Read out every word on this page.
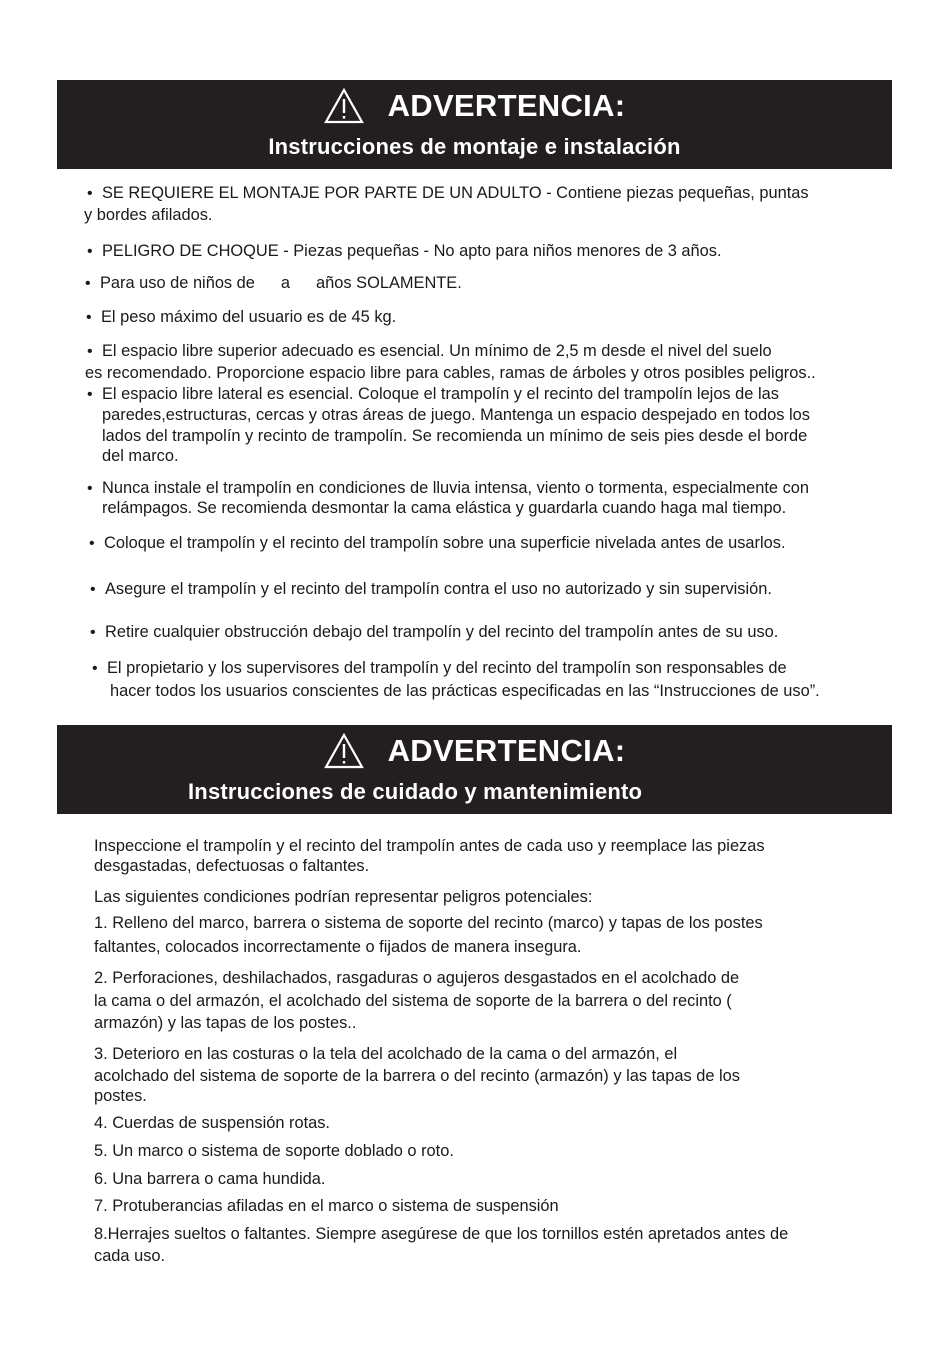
ADVERTENCIA:
Instrucciones de montaje e instalación
• SE REQUIERE EL MONTAJE POR PARTE DE UN ADULTO - Contiene piezas pequeñas, puntas
y bordes afilados.
• PELIGRO DE CHOQUE - Piezas pequeñas - No apto para niños menores de 3 años.
• Para uso de niños de a años SOLAMENTE.
• El peso máximo del usuario es de 45 kg.
• El espacio libre superior adecuado es esencial. Un mínimo de 2,5 m desde el nivel del suelo
es recomendado. Proporcione espacio libre para cables, ramas de árboles y otros posibles peligros..
• El espacio libre lateral es esencial. Coloque el trampolín y el recinto del trampolín lejos de las
paredes,estructuras, cercas y otras áreas de juego. Mantenga un espacio despejado en todos los
lados del trampolín y recinto de trampolín. Se recomienda un mínimo de seis pies desde el borde
del marco.
• Nunca instale el trampolín en condiciones de lluvia intensa, viento o tormenta, especialmente con
relámpagos. Se recomienda desmontar la cama elástica y guardarla cuando haga mal tiempo.
• Coloque el trampolín y el recinto del trampolín sobre una superficie nivelada antes de usarlos.
• Asegure el trampolín y el recinto del trampolín contra el uso no autorizado y sin supervisión.
• Retire cualquier obstrucción debajo del trampolín y del recinto del trampolín antes de su uso.
• El propietario y los supervisores del trampolín y del recinto del trampolín son responsables de
hacer todos los usuarios conscientes de las prácticas especificadas en las “Instrucciones de uso”.
ADVERTENCIA:
Instrucciones de cuidado y mantenimiento
Inspeccione el trampolín y el recinto del trampolín antes de cada uso y reemplace las piezas
desgastadas, defectuosas o faltantes.
Las siguientes condiciones podrían representar peligros potenciales:
1. Relleno del marco, barrera o sistema de soporte del recinto (marco) y tapas de los postes
faltantes, colocados incorrectamente o fijados de manera insegura.
2. Perforaciones, deshilachados, rasgaduras o agujeros desgastados en el acolchado de
la cama o del armazón, el acolchado del sistema de soporte de la barrera o del recinto (
armazón) y las tapas de los postes..
3. Deterioro en las costuras o la tela del acolchado de la cama o del armazón, el
acolchado del sistema de soporte de la barrera o del recinto (armazón) y las tapas de los
postes.
4. Cuerdas de suspensión rotas.
5. Un marco o sistema de soporte doblado o roto.
6. Una barrera o cama hundida.
7. Protuberancias afiladas en el marco o sistema de suspensión
8.Herrajes sueltos o faltantes. Siempre asegúrese de que los tornillos estén apretados antes de
cada uso.
